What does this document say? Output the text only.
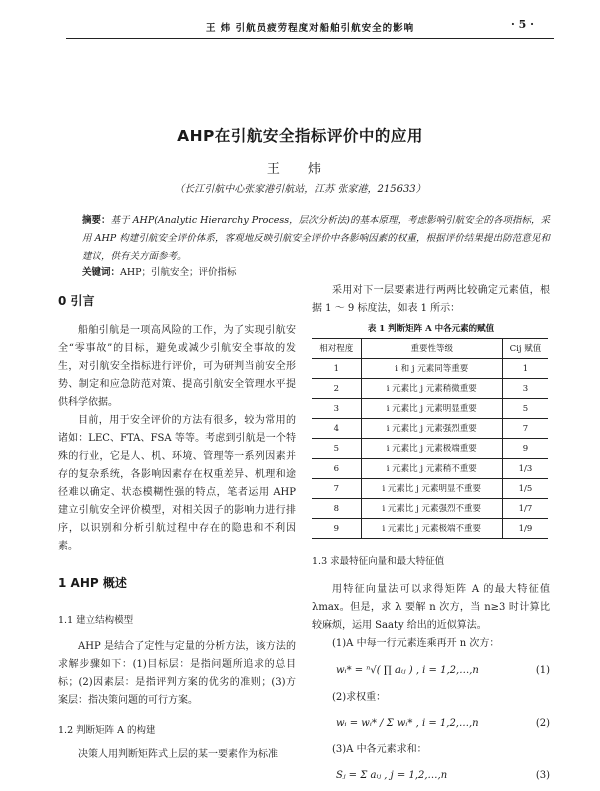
王 炜 引航员疲劳程度对船舶引航安全的影响	· 5 ·
AHP在引航安全指标评价中的应用
王 炜
（长江引航中心张家港引航站，江苏 张家港，215633）
摘要：基于 AHP(Analytic Hierarchy Process，层次分析法)的基本原理，考虑影响引航安全的各项指标，采用 AHP 构建引航安全评价体系，客观地反映引航安全评价中各影响因素的权重，根据评价结果提出防范意见和建议，供有关方面参考。
关键词：AHP；引航安全；评价指标
0 引言

船舶引航是一项高风险的工作，为了实现引航安全“零事故”的目标，避免或减少引航安全事故的发生，对引航安全指标进行评价，可为研判当前安全形势、制定和应急防范对策、提高引航安全管理水平提供科学依据。

目前，用于安全评价的方法有很多，较为常用的诸如：LEC、FTA、FSA 等等。考虑到引航是一个特殊的行业，它是人、机、环境、管理等一系列因素并存的复杂系统，各影响因素存在权重差异、机理和途径难以确定、状态模糊性强的特点，笔者运用 AHP 建立引航安全评价模型，对相关因子的影响力进行排序，以识别和分析引航过程中存在的隐患和不利因素。

1 AHP 概述
1.1 建立结构模型

AHP 是结合了定性与定量的分析方法，该方法的求解步骤如下：(1)目标层：是指问题所追求的总目标；(2)因素层：是指评判方案的优劣的准则；(3)方案层：指决策问题的可行方案。

1.2 判断矩阵 A 的构建

决策人用判断矩阵式上层的某一要素作为标准

采用对下一层要素进行两两比较确定元素值，根据 1 ～ 9 标度法，如表 1 所示：

表 1 判断矩阵 A 中各元素的赋值
相对程度	重要性等级	Cij 赋值
1	i 和 j 元素同等重要	1
2	i 元素比 j 元素稍微重要	3
3	i 元素比 j 元素明显重要	5
4	i 元素比 j 元素强烈重要	7
5	i 元素比 j 元素极端重要	9
6	i 元素比 j 元素稍不重要	1/3
7	i 元素比 j 元素明显不重要	1/5
8	i 元素比 j 元素强烈不重要	1/7
9	i 元素比 j 元素极端不重要	1/9
1.3 求最特征向量和最大特征值

用特征向量法可以求得矩阵 A 的最大特征值 λmax。但是，求 λ 要解 n 次方，当 n≥3 时计算比较麻烦，运用 Saaty 给出的近似算法。

(1)A 中每一行元素连乘再开 n 次方：

wᵢ* = ⁿ√( ∏ aᵢⱼ ) , i = 1,2,…,n	(1)

(2)求权重：

wᵢ = wᵢ* / Σ wᵢ* , i = 1,2,…,n	(2)

(3)A 中各元素求和：

Sⱼ = Σ aᵢⱼ , j = 1,2,…,n	(3)
